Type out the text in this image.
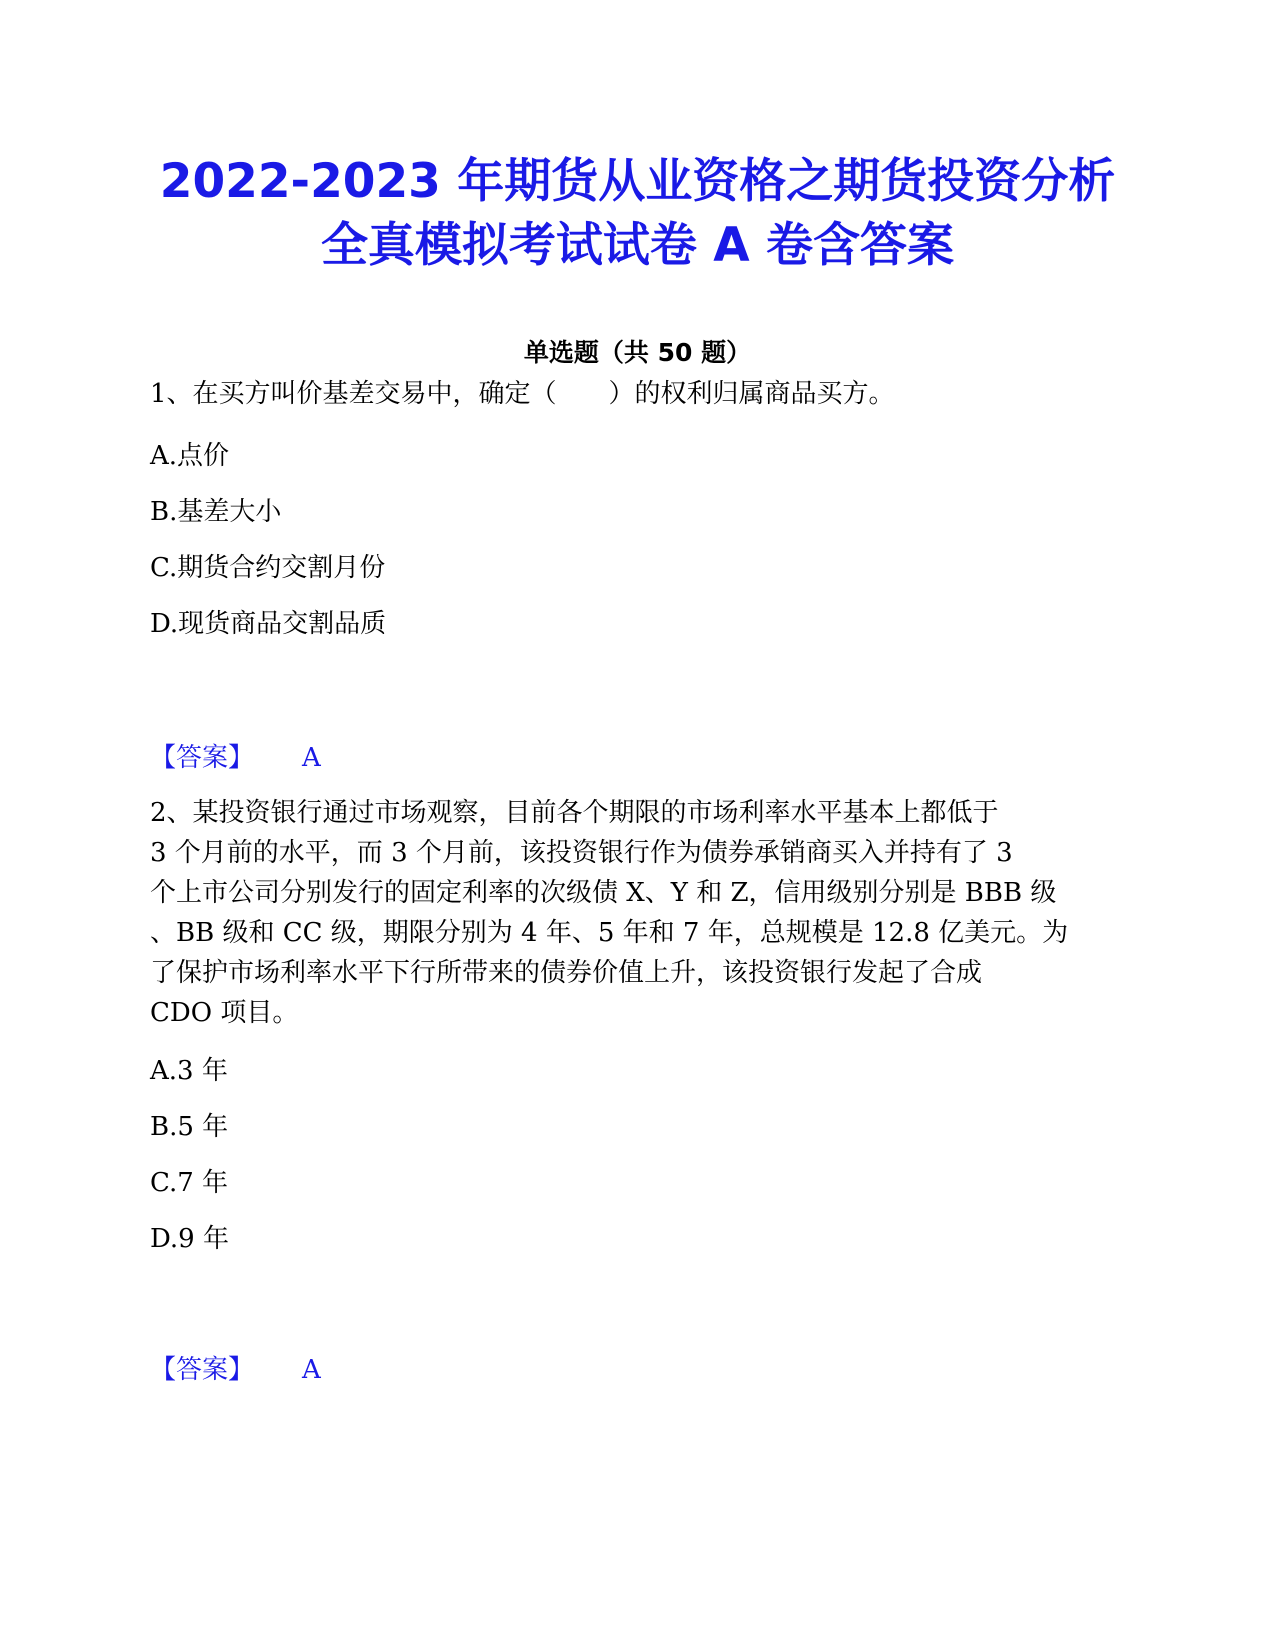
2022-2023 年期货从业资格之期货投资分析
全真模拟考试试卷 A 卷含答案
单选题（共 50 题）

1、在买方叫价基差交易中，确定（　　）的权利归属商品买方。

A.点价

B.基差大小

C.期货合约交割月份

D.现货商品交割品质

【答案】 A

2、某投资银行通过市场观察，目前各个期限的市场利率水平基本上都低于

3 个月前的水平，而 3 个月前，该投资银行作为债券承销商买入并持有了 3

个上市公司分别发行的固定利率的次级债 X、Y 和 Z，信用级别分别是 BBB 级

、BB 级和 CC 级，期限分别为 4 年、5 年和 7 年，总规模是 12.8 亿美元。为

了保护市场利率水平下行所带来的债券价值上升，该投资银行发起了合成

CDO 项目。

A.3 年

B.5 年

C.7 年

D.9 年

【答案】 A
